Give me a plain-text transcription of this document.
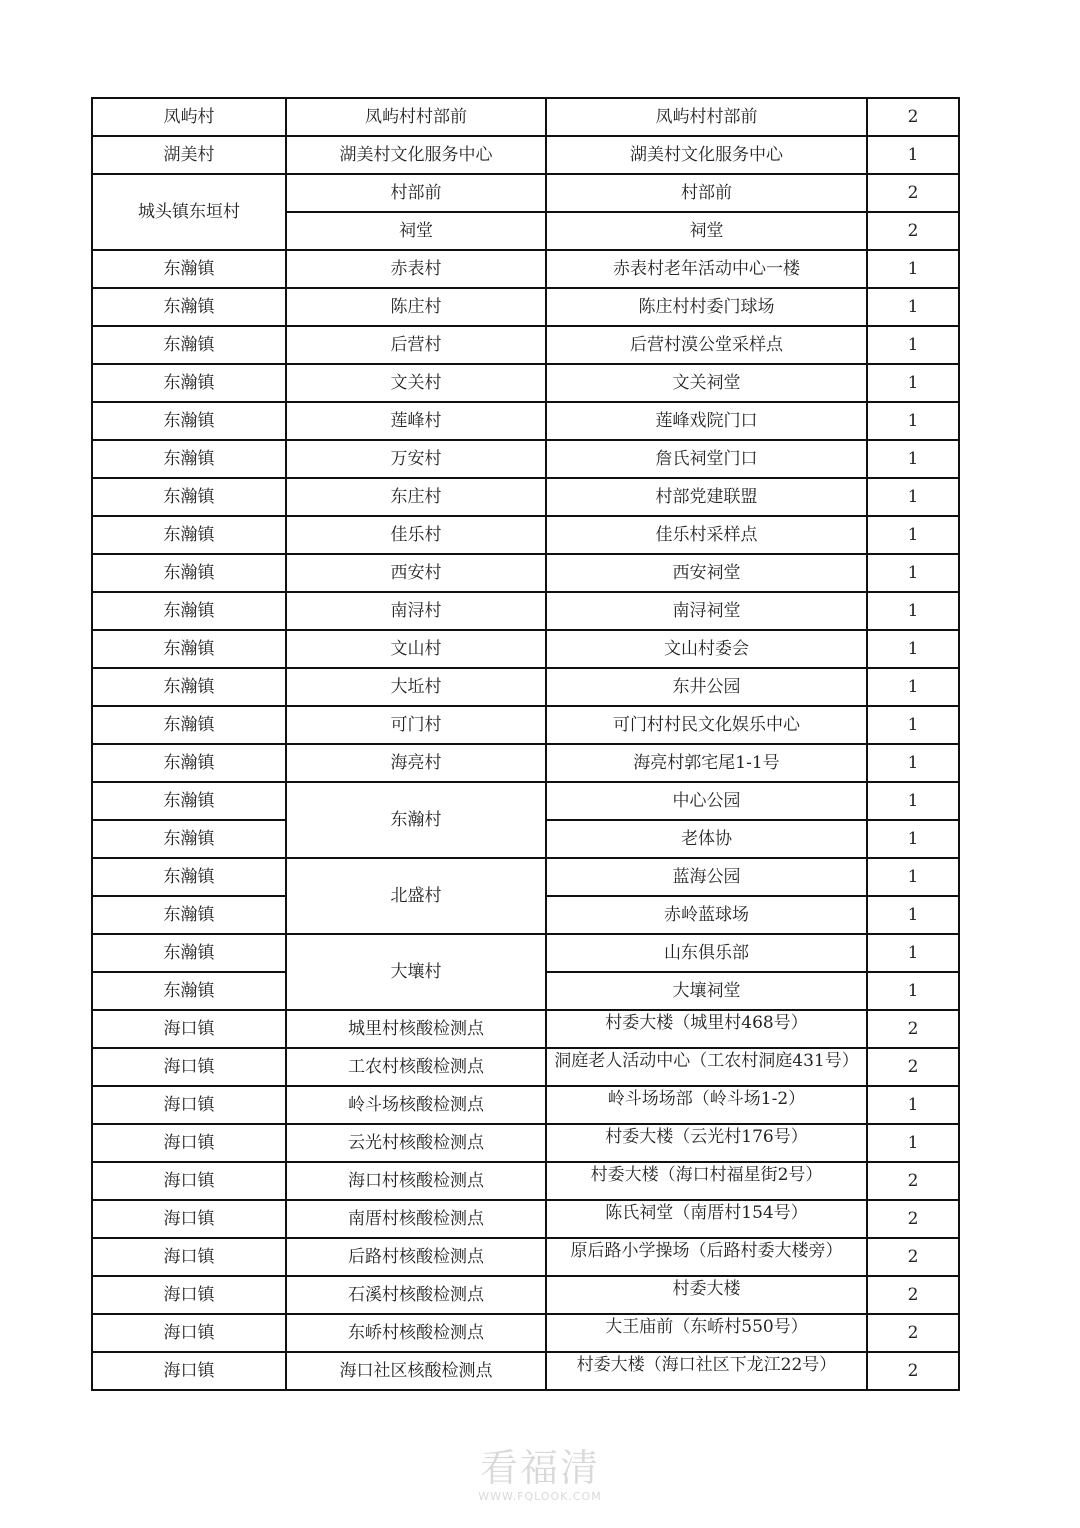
凤屿村	凤屿村村部前	凤屿村村部前	2
湖美村	湖美村文化服务中心	湖美村文化服务中心	1
城头镇东垣村	村部前	村部前	2
	祠堂	祠堂	2
东瀚镇	赤表村	赤表村老年活动中心一楼	1
东瀚镇	陈庄村	陈庄村村委门球场	1
东瀚镇	后营村	后营村漠公堂采样点	1
东瀚镇	文关村	文关祠堂	1
东瀚镇	莲峰村	莲峰戏院门口	1
东瀚镇	万安村	詹氏祠堂门口	1
东瀚镇	东庄村	村部党建联盟	1
东瀚镇	佳乐村	佳乐村采样点	1
东瀚镇	西安村	西安祠堂	1
东瀚镇	南浔村	南浔祠堂	1
东瀚镇	文山村	文山村委会	1
东瀚镇	大坵村	东井公园	1
东瀚镇	可门村	可门村村民文化娱乐中心	1
东瀚镇	海亮村	海亮村郭宅尾1-1号	1
东瀚镇	东瀚村	中心公园	1
东瀚镇		老体协	1
东瀚镇	北盛村	蓝海公园	1
东瀚镇		赤岭蓝球场	1
东瀚镇	大壤村	山东俱乐部	1
东瀚镇		大壤祠堂	1
海口镇	城里村核酸检测点	村委大楼（城里村468号）	2
海口镇	工农村核酸检测点	洞庭老人活动中心（工农村洞庭431号）	2
海口镇	岭斗场核酸检测点	岭斗场场部（岭斗场1-2）	1
海口镇	云光村核酸检测点	村委大楼（云光村176号）	1
海口镇	海口村核酸检测点	村委大楼（海口村福星街2号）	2
海口镇	南厝村核酸检测点	陈氏祠堂（南厝村154号）	2
海口镇	后路村核酸检测点	原后路小学操场（后路村委大楼旁）	2
海口镇	石溪村核酸检测点	村委大楼	2
海口镇	东峤村核酸检测点	大王庙前（东峤村550号）	2
海口镇	海口社区核酸检测点	村委大楼（海口社区下龙江22号）	2
看福清
WWW.FQLOOK.COM
